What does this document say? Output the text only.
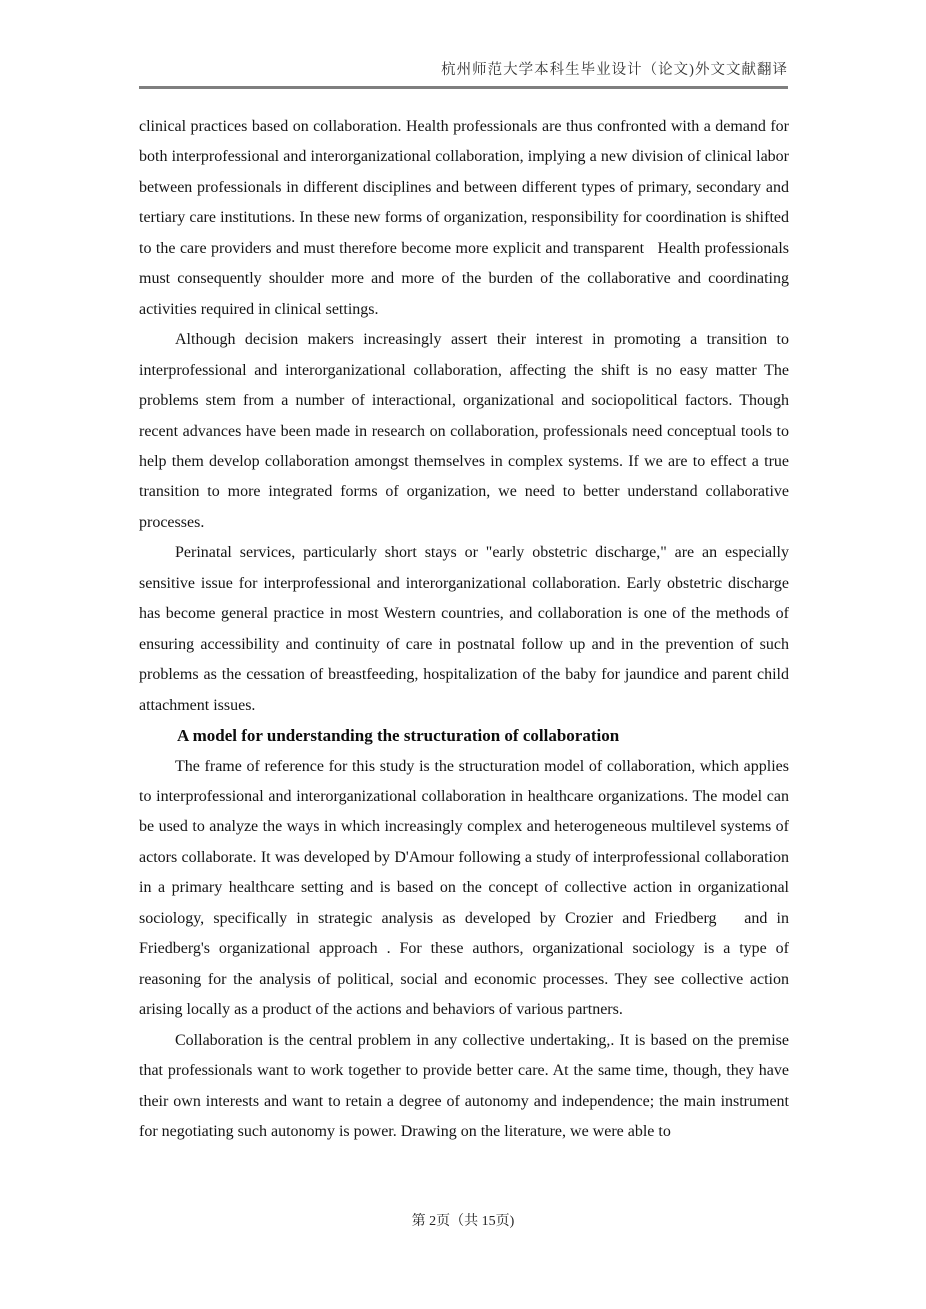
杭州师范大学本科生毕业设计（论文)外文文献翻译

clinical practices based on collaboration. Health professionals are thus confronted with a demand for both interprofessional and interorganizational collaboration, implying a new division of clinical labor between professionals in different disciplines and between different types of primary, secondary and tertiary care institutions. In these new forms of organization, responsibility for coordination is shifted to the care providers and must therefore become more explicit and transparent   Health professionals must consequently shoulder more and more of the burden of the collaborative and coordinating activities required in clinical settings.

Although decision makers increasingly assert their interest in promoting a transition to interprofessional and interorganizational collaboration, affecting the shift is no easy matter The problems stem from a number of interactional, organizational and sociopolitical factors. Though recent advances have been made in research on collaboration, professionals need conceptual tools to help them develop collaboration amongst themselves in complex systems. If we are to effect a true transition to more integrated forms of organization, we need to better understand collaborative processes.

Perinatal services, particularly short stays or "early obstetric discharge," are an especially sensitive issue for interprofessional and interorganizational collaboration. Early obstetric discharge has become general practice in most Western countries, and collaboration is one of the methods of ensuring accessibility and continuity of care in postnatal follow up and in the prevention of such problems as the cessation of breastfeeding, hospitalization of the baby for jaundice and parent child attachment issues.

A model for understanding the structuration of collaboration

The frame of reference for this study is the structuration model of collaboration, which applies to interprofessional and interorganizational collaboration in healthcare organizations. The model can be used to analyze the ways in which increasingly complex and heterogeneous multilevel systems of actors collaborate. It was developed by D'Amour following a study of interprofessional collaboration in a primary healthcare setting and is based on the concept of collective action in organizational sociology, specifically in strategic analysis as developed by Crozier and Friedberg   and in Friedberg's organizational approach . For these authors, organizational sociology is a type of reasoning for the analysis of political, social and economic processes. They see collective action arising locally as a product of the actions and behaviors of various partners.

Collaboration is the central problem in any collective undertaking,. It is based on the premise that professionals want to work together to provide better care. At the same time, though, they have their own interests and want to retain a degree of autonomy and independence; the main instrument for negotiating such autonomy is power. Drawing on the literature, we were able to

第 2页（共 15页)
